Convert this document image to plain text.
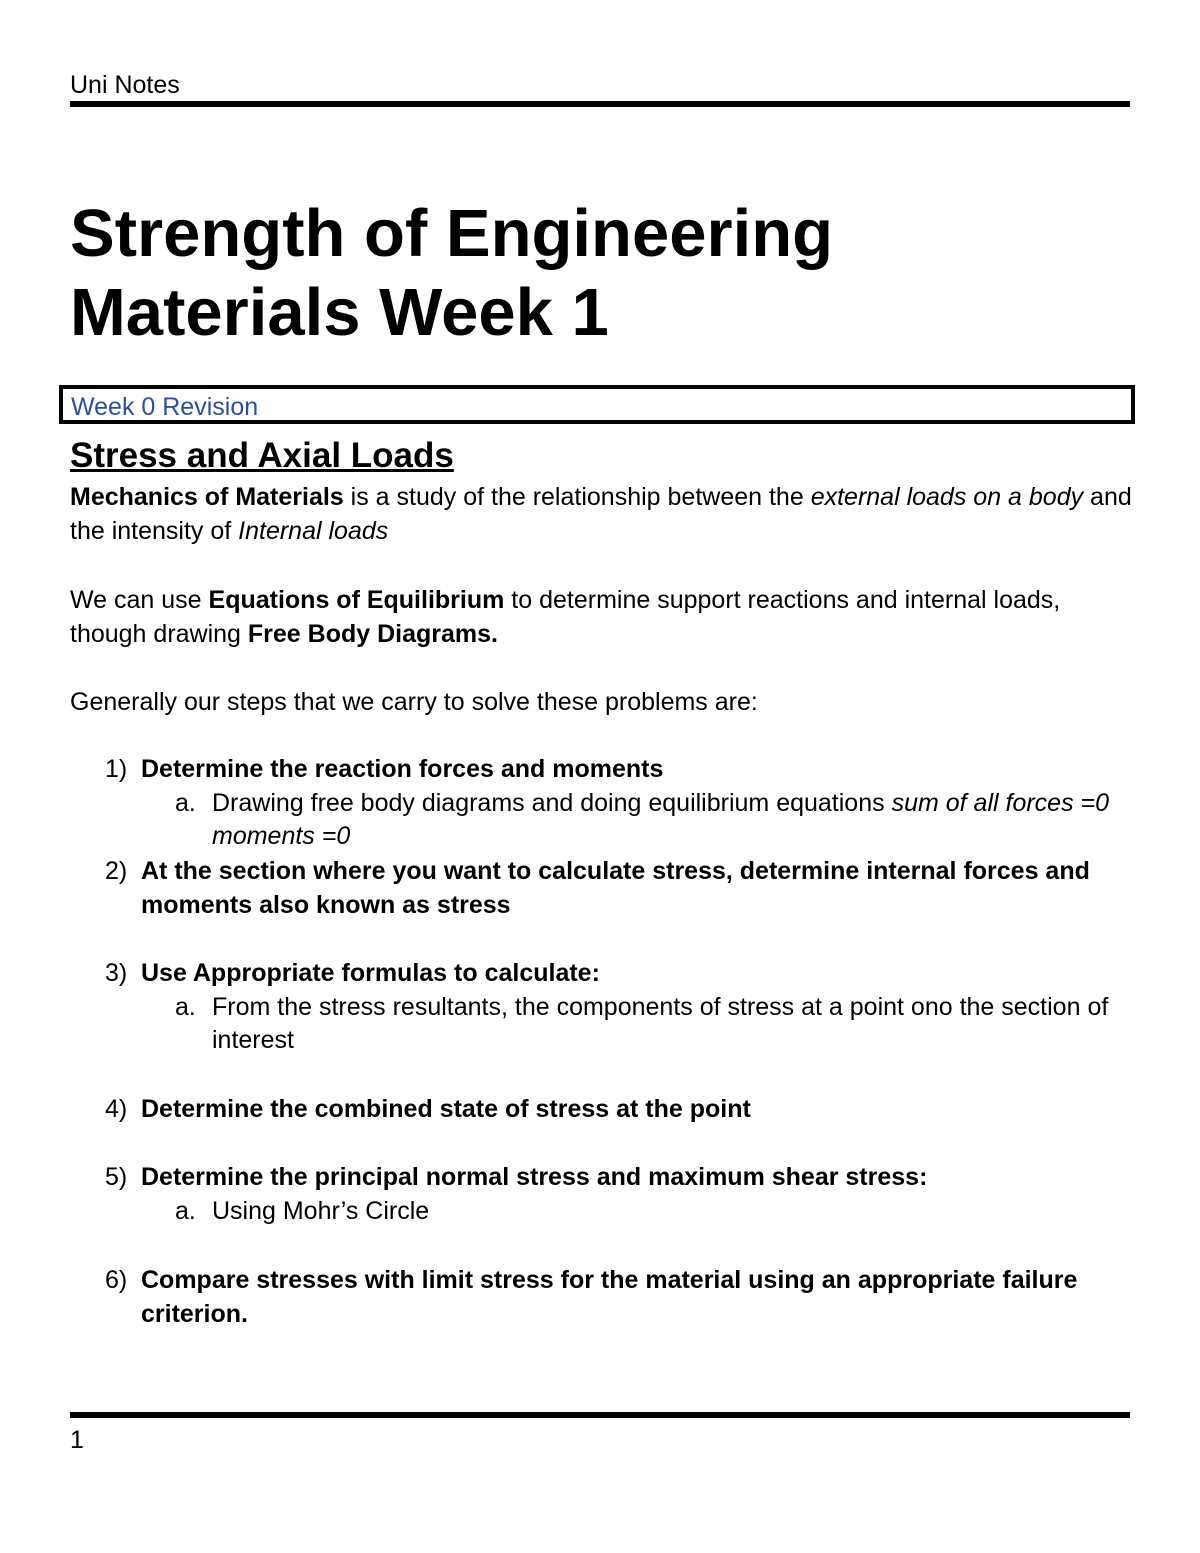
Uni Notes
Strength of Engineering
Materials Week 1
Week 0 Revision
Stress and Axial Loads

Mechanics of Materials is a study of the relationship between the external loads on a body and the intensity of Internal loads

We can use Equations of Equilibrium to determine support reactions and internal loads, though drawing Free Body Diagrams.

Generally our steps that we carry to solve these problems are:

1) Determine the reaction forces and moments
a. Drawing free body diagrams and doing equilibrium equations sum of all forces =0 moments =0
2) At the section where you want to calculate stress, determine internal forces and moments also known as stress
3) Use Appropriate formulas to calculate:
a. From the stress resultants, the components of stress at a point ono the section of interest
4) Determine the combined state of stress at the point
5) Determine the principal normal stress and maximum shear stress:
a. Using Mohr’s Circle
6) Compare stresses with limit stress for the material using an appropriate failure criterion.
1
